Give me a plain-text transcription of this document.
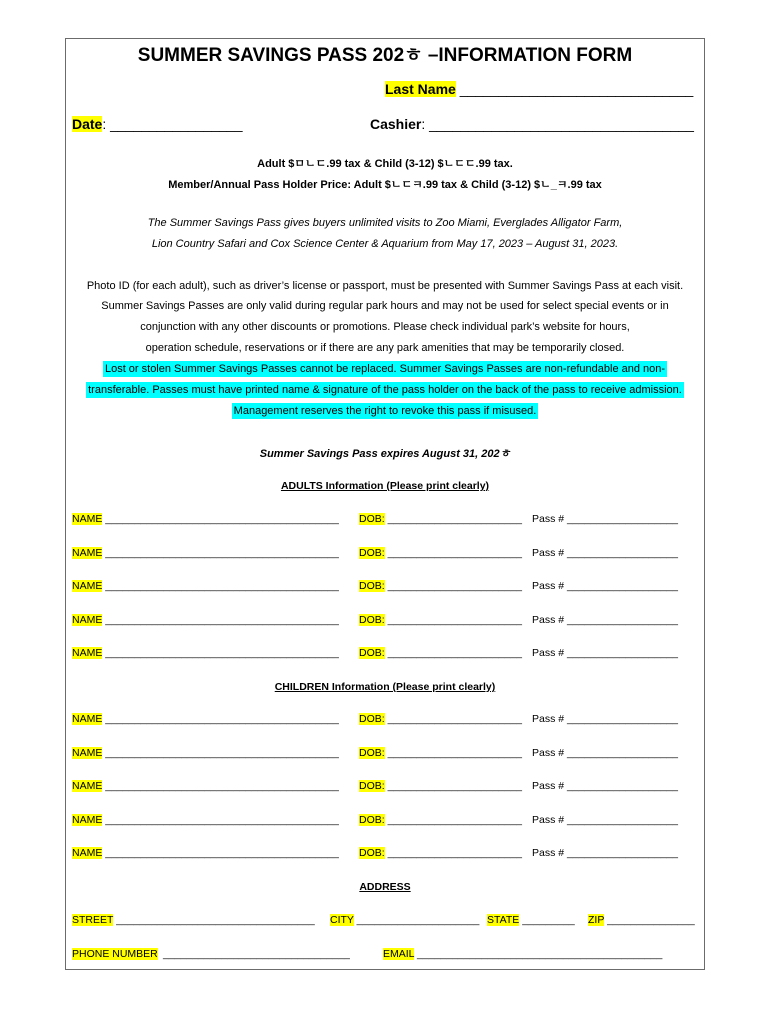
SUMMER SAVINGS PASS 202ㅎ –INFORMATION FORM
Last Name ______________________________
Date: _________________	Cashier: __________________________________
Adult $ㅁㄴㄷ.99 tax & Child (3-12) $ㄴㄷㄷ.99 tax.
Member/Annual Pass Holder Price: Adult $ㄴㄷㅋ.99 tax & Child (3-12) $ㄴ_ㅋ.99 tax
The Summer Savings Pass gives buyers unlimited visits to Zoo Miami, Everglades Alligator Farm,
Lion Country Safari and Cox Science Center & Aquarium from May 17, 2023 – August 31, 2023.
Photo ID (for each adult), such as driver’s license or passport, must be presented with Summer Savings Pass at each visit.
Summer Savings Passes are only valid during regular park hours and may not be used for select special events or in
conjunction with any other discounts or promotions. Please check individual park’s website for hours,
operation schedule, reservations or if there are any park amenities that may be temporarily closed.
Lost or stolen Summer Savings Passes cannot be replaced. Summer Savings Passes are non-refundable and non-
transferable. Passes must have printed name & signature of the pass holder on the back of the pass to receive admission.
Management reserves the right to revoke this pass if misused.
Summer Savings Pass expires August 31, 202ㅎ
ADULTS Information (Please print clearly)
NAME ________________________________________ DOB: _______________________ Pass # ___________________
NAME ________________________________________ DOB: _______________________ Pass # ___________________
NAME ________________________________________ DOB: _______________________ Pass # ___________________
NAME ________________________________________ DOB: _______________________ Pass # ___________________
NAME ________________________________________ DOB: _______________________ Pass # ___________________
CHILDREN Information (Please print clearly)
NAME ________________________________________ DOB: _______________________ Pass # ___________________
NAME ________________________________________ DOB: _______________________ Pass # ___________________
NAME ________________________________________ DOB: _______________________ Pass # ___________________
NAME ________________________________________ DOB: _______________________ Pass # ___________________
NAME ________________________________________ DOB: _______________________ Pass # ___________________
ADDRESS
STREET __________________________________ CITY _____________________ STATE _________ ZIP _______________
PHONE NUMBER ________________________________	EMAIL __________________________________________
